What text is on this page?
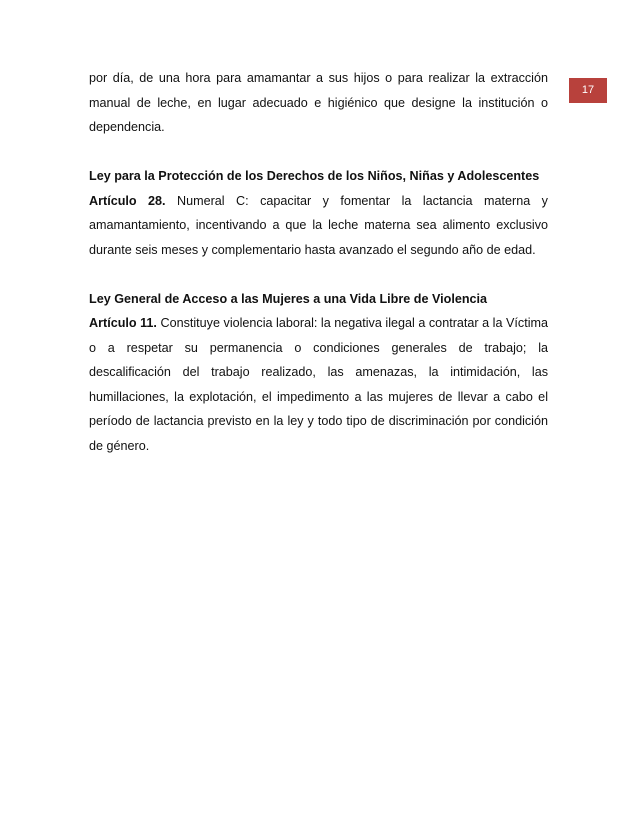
17

por día, de una hora para amamantar a sus hijos o para realizar la extracción manual de leche, en lugar adecuado e higiénico que designe la institución o dependencia.

Ley para la Protección de los Derechos de los Niños, Niñas y Adolescentes

Artículo 28. Numeral C: capacitar y fomentar la lactancia materna y amamantamiento, incentivando a que la leche materna sea alimento exclusivo durante seis meses y complementario hasta avanzado el segundo año de edad.

Ley General de Acceso a las Mujeres a una Vida Libre de Violencia

Artículo 11. Constituye violencia laboral: la negativa ilegal a contratar a la Víctima o a respetar su permanencia o condiciones generales de trabajo; la descalificación del trabajo realizado, las amenazas, la intimidación, las humillaciones, la explotación, el impedimento a las mujeres de llevar a cabo el período de lactancia previsto en la ley y todo tipo de discriminación por condición de género.
